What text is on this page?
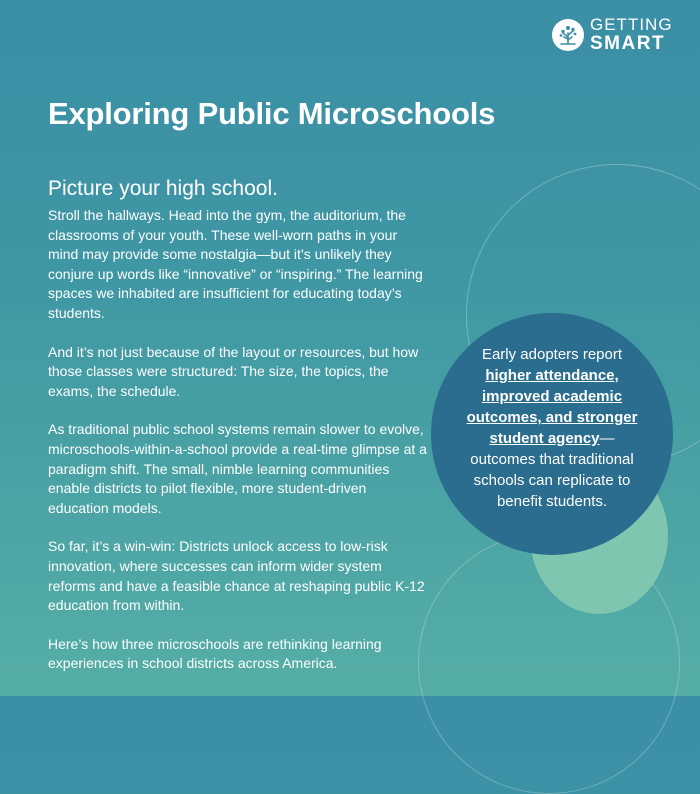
GETTING
SMART
Exploring Public Microschools
Early adopters report higher attendance, improved academic outcomes, and stronger student agency—outcomes that traditional schools can replicate to benefit students.
Picture your high school.

Stroll the hallways. Head into the gym, the auditorium, the classrooms of your youth. These well-worn paths in your mind may provide some nostalgia—but it’s unlikely they conjure up words like “innovative” or “inspiring.” The learning spaces we inhabited are insufficient for educating today’s students.

And it’s not just because of the layout or resources, but how those classes were structured: The size, the topics, the exams, the schedule.

As traditional public school systems remain slower to evolve, microschools-within-a-school provide a real-time glimpse at a paradigm shift. The small, nimble learning communities enable districts to pilot flexible, more student-driven education models.

So far, it’s a win-win: Districts unlock access to low-risk innovation, where successes can inform wider system reforms and have a feasible chance at reshaping public K-12 education from within.

Here’s how three microschools are rethinking learning experiences in school districts across America.
